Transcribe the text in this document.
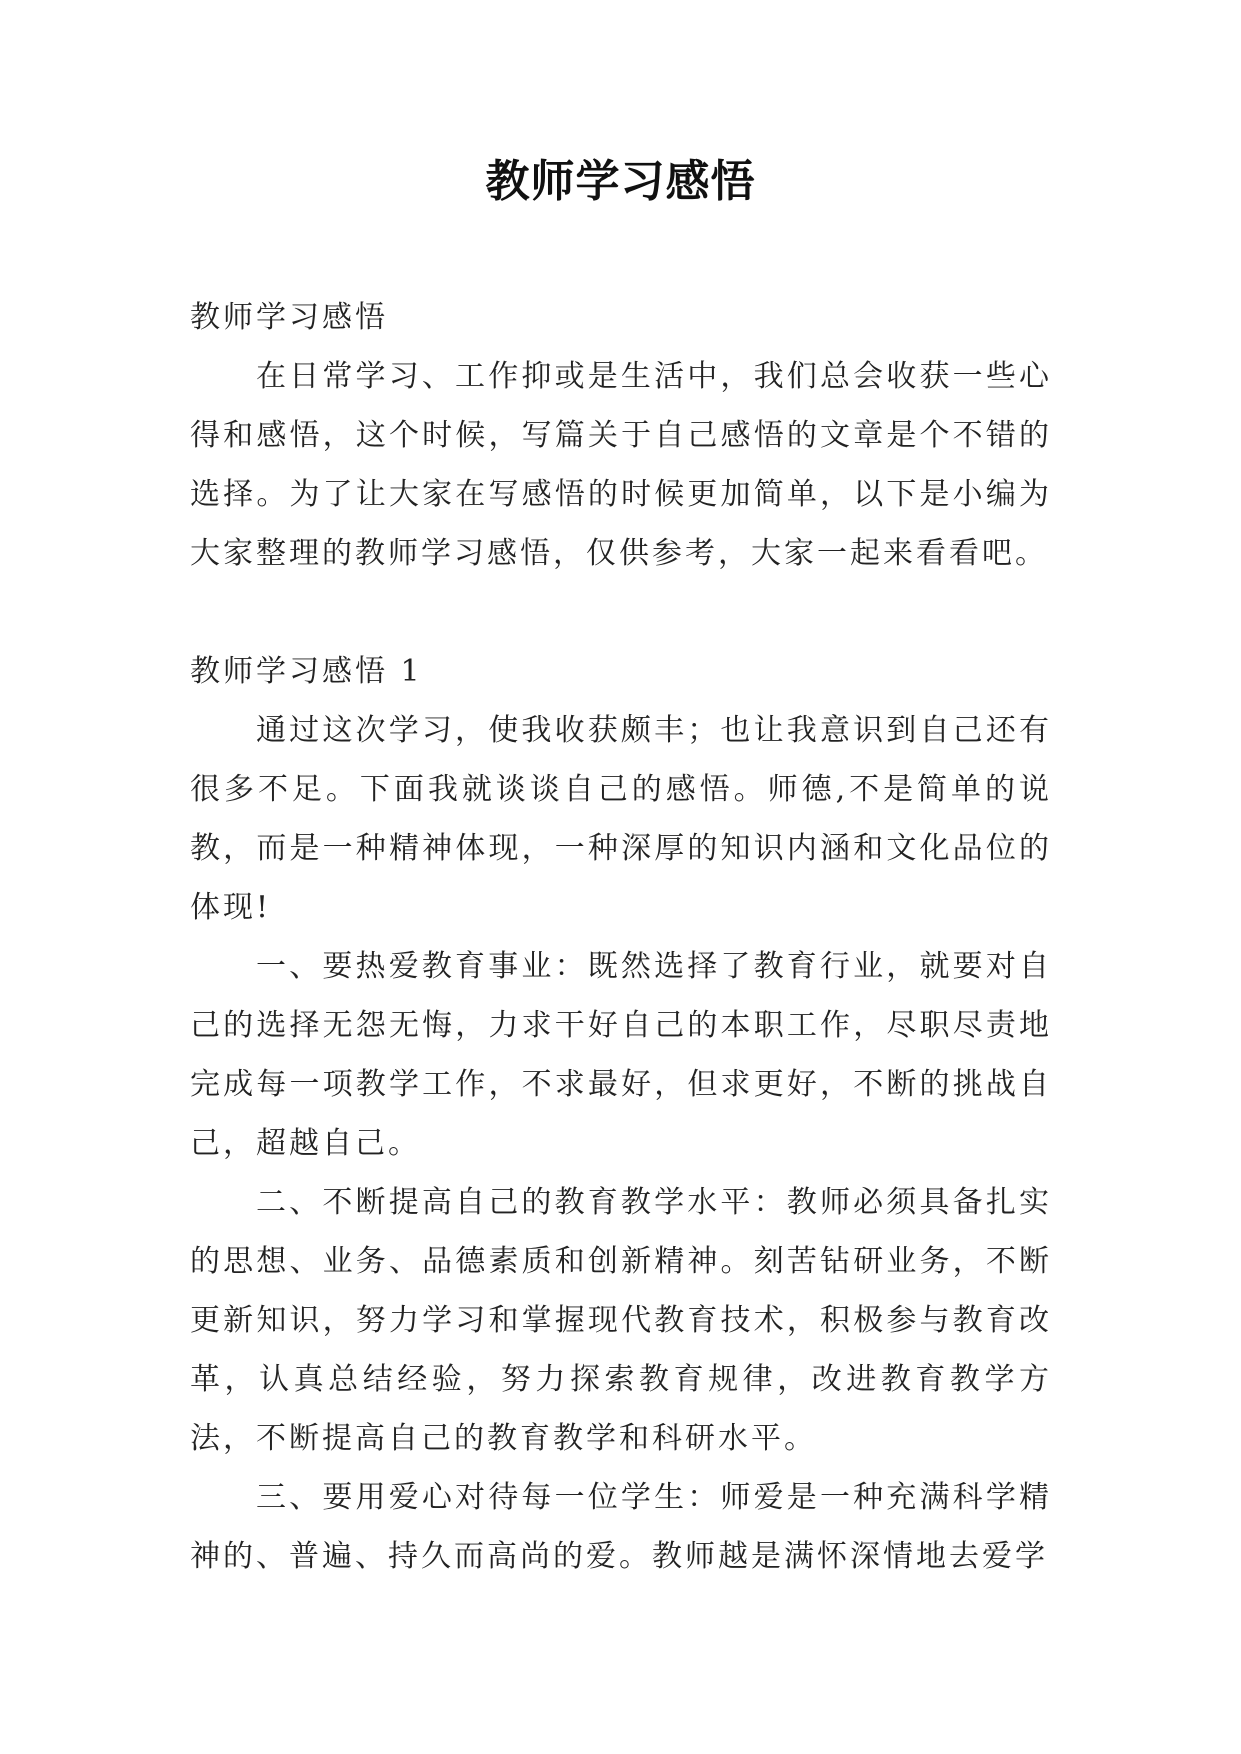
教师学习感悟

教师学习感悟

在日常学习、工作抑或是生活中，我们总会收获一些心得和感悟，这个时候，写篇关于自己感悟的文章是个不错的选择。为了让大家在写感悟的时候更加简单，以下是小编为大家整理的教师学习感悟，仅供参考，大家一起来看看吧。

教师学习感悟 1

通过这次学习，使我收获颇丰；也让我意识到自己还有很多不足。下面我就谈谈自己的感悟。师德,不是简单的说教，而是一种精神体现，一种深厚的知识内涵和文化品位的体现!

一、要热爱教育事业：既然选择了教育行业，就要对自己的选择无怨无悔，力求干好自己的本职工作，尽职尽责地完成每一项教学工作，不求最好，但求更好，不断的挑战自己，超越自己。

二、不断提高自己的教育教学水平：教师必须具备扎实的思想、业务、品德素质和创新精神。刻苦钻研业务，不断更新知识，努力学习和掌握现代教育技术，积极参与教育改革，认真总结经验，努力探索教育规律，改进教育教学方法，不断提高自己的教育教学和科研水平。

三、要用爱心对待每一位学生：师爱是一种充满科学精神的、普遍、持久而高尚的爱。教师越是满怀深情地去爱学
